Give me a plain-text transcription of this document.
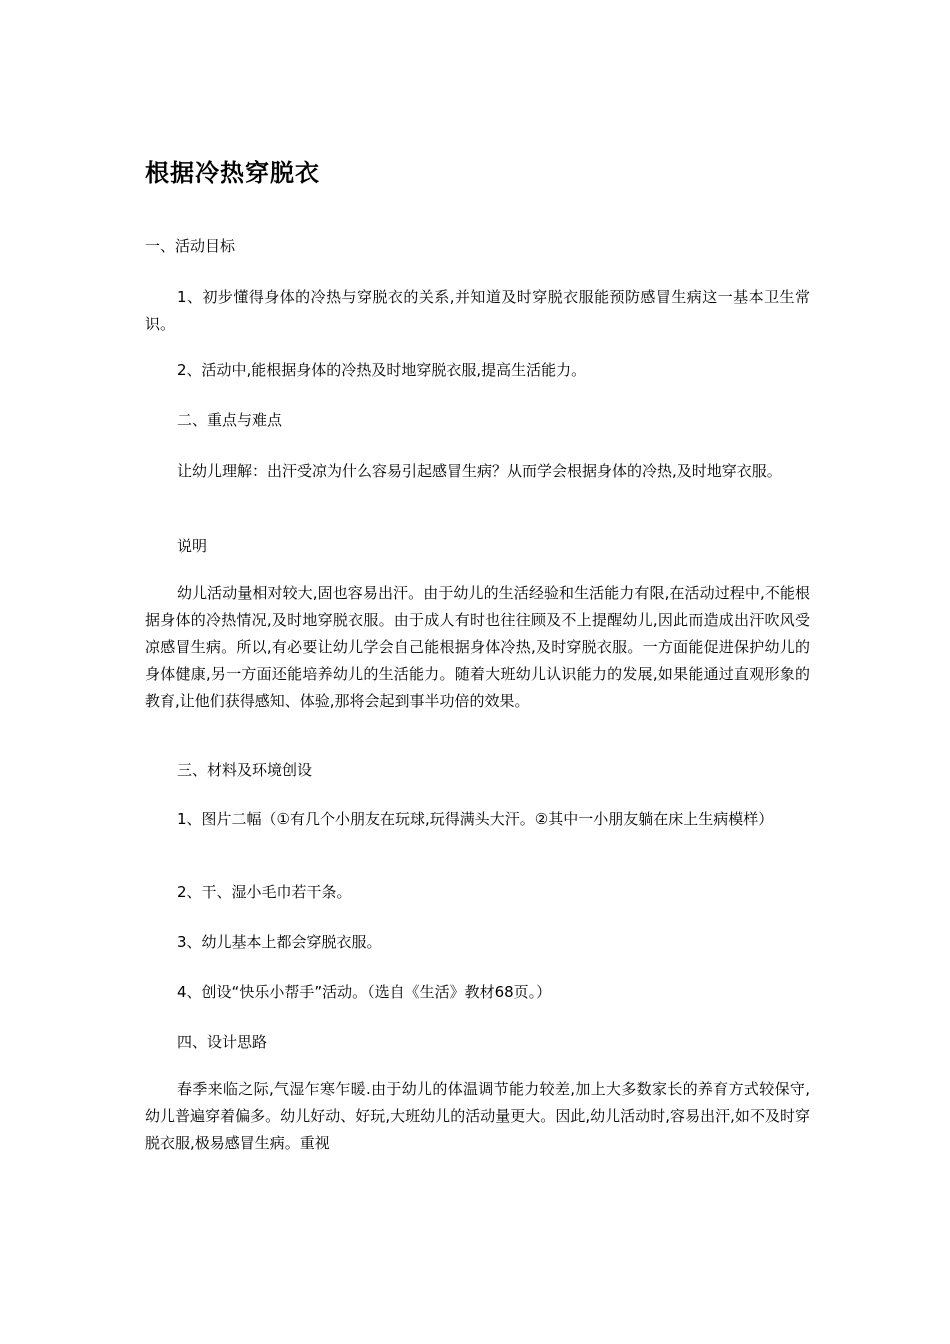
根据冷热穿脱衣

一、活动目标

1、初步懂得身体的冷热与穿脱衣的关系,并知道及时穿脱衣服能预防感冒生病这一基本卫生常识。

2、活动中,能根据身体的冷热及时地穿脱衣服,提高生活能力。

二、重点与难点

让幼儿理解：出汗受凉为什么容易引起感冒生病？从而学会根据身体的冷热,及时地穿衣服。

说明

幼儿活动量相对较大,固也容易出汗。由于幼儿的生活经验和生活能力有限,在活动过程中,不能根据身体的冷热情况,及时地穿脱衣服。由于成人有时也往往顾及不上提醒幼儿,因此而造成出汗吹风受凉感冒生病。所以,有必要让幼儿学会自己能根据身体冷热,及时穿脱衣服。一方面能促进保护幼儿的身体健康,另一方面还能培养幼儿的生活能力。随着大班幼儿认识能力的发展,如果能通过直观形象的教育,让他们获得感知、体验,那将会起到事半功倍的效果。

三、材料及环境创设

1、图片二幅（①有几个小朋友在玩球,玩得满头大汗。②其中一小朋友躺在床上生病模样）

2、干、湿小毛巾若干条。

3、幼儿基本上都会穿脱衣服。

4、创设“快乐小帮手”活动。（选自《生活》教材68页。）

四、设计思路

春季来临之际,气湿乍寒乍暖.由于幼儿的体温调节能力较差,加上大多数家长的养育方式较保守,幼儿普遍穿着偏多。幼儿好动、好玩,大班幼儿的活动量更大。因此,幼儿活动时,容易出汗,如不及时穿脱衣服,极易感冒生病。重视
